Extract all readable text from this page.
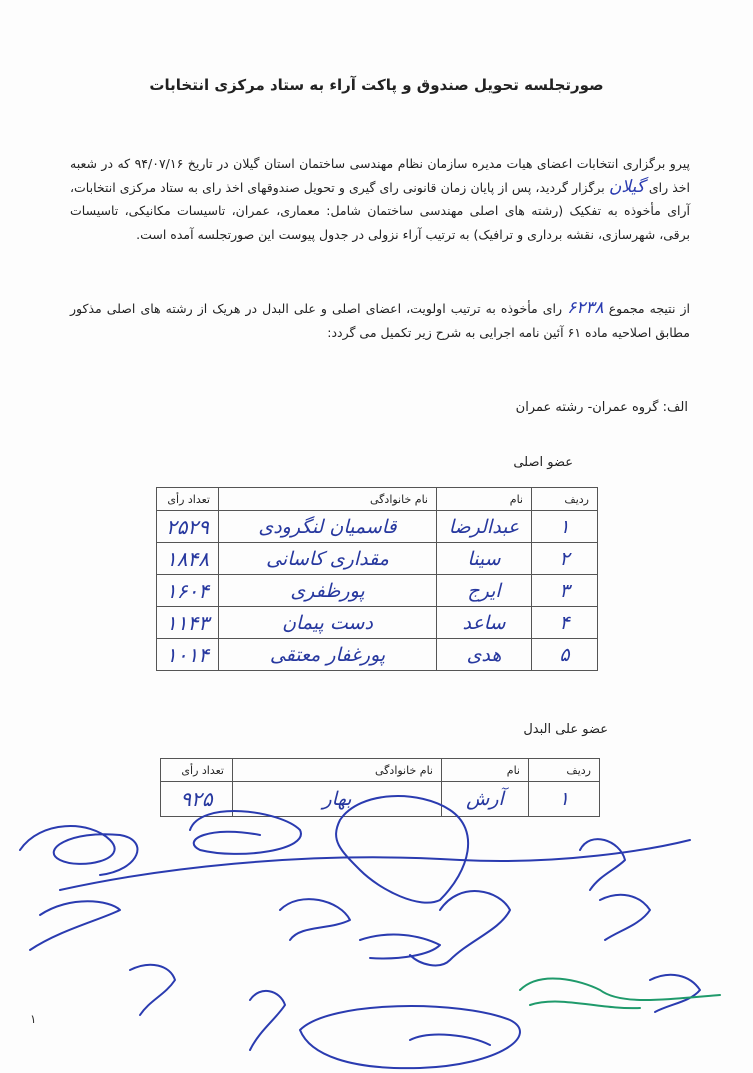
صورتجلسه تحویل صندوق و پاکت آراء به ستاد مرکزی انتخابات
پیرو برگزاری انتخابات اعضای هیات مدیره سازمان نظام مهندسی ساختمان استان گیلان در تاریخ ۹۴/۰۷/۱۶ که در شعبه اخذ رای گیلان برگزار گردید، پس از پایان زمان قانونی رای گیری و تحویل صندوقهای اخذ رای به ستاد مرکزی انتخابات، آرای مأخوذه به تفکیک (رشته های اصلی مهندسی ساختمان شامل: معماری، عمران، تاسیسات مکانیکی، تاسیسات برقی، شهرسازی، نقشه برداری و ترافیک) به ترتیب آراء نزولی در جدول پیوست این صورتجلسه آمده است.
از نتیجه مجموع ۶۲۳۸ رای مأخوذه به ترتیب اولویت، اعضای اصلی و علی البدل در هریک از رشته های اصلی مذکور مطابق اصلاحیه ماده ۶۱ آئین نامه اجرایی به شرح زیر تکمیل می گردد:
الف: گروه عمران- رشته عمران
عضو اصلی
ردیف	نام	نام خانوادگی	تعداد رأی
۱	عبدالرضا	قاسمیان لنگرودی	۲۵۲۹
۲	سینا	مقداری کاسانی	۱۸۴۸
۳	ایرج	پورظفری	۱۶۰۴
۴	ساعد	دست پیمان	۱۱۴۳
۵	هدی	پورغفار معتقی	۱۰۱۴
عضو علی البدل
ردیف	نام	نام خانوادگی	تعداد رأی
۱	آرش	بهار	۹۲۵
۱
